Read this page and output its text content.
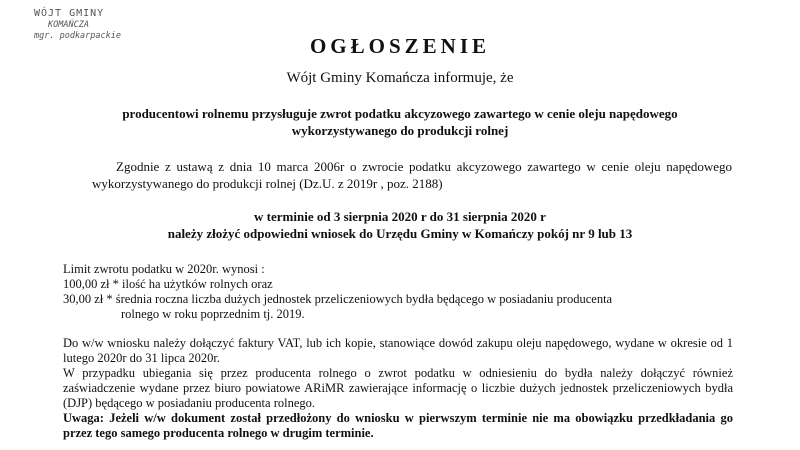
WÓJT GMINY
KOMAŃCZA
mgr. podkarpackie	OGŁOSZENIE
Wójt Gminy Komańcza informuje, że
producentowi rolnemu przysługuje zwrot podatku akcyzowego zawartego w cenie oleju napędowego
wykorzystywanego do produkcji rolnej
Zgodnie z ustawą z dnia 10 marca 2006r o zwrocie podatku akcyzowego zawartego w cenie oleju napędowego wykorzystywanego do produkcji rolnej (Dz.U. z 2019r , poz. 2188)
w terminie od 3 sierpnia 2020 r do 31 sierpnia 2020 r
należy złożyć odpowiedni wniosek do Urzędu Gminy w Komańczy pokój nr 9 lub 13
Limit zwrotu podatku w 2020r. wynosi :
100,00 zł * ilość ha użytków rolnych oraz
30,00 zł * średnia roczna liczba dużych jednostek przeliczeniowych bydła będącego w posiadaniu producenta
rolnego w roku poprzednim tj. 2019.

Do w/w wniosku należy dołączyć faktury VAT, lub ich kopie, stanowiące dowód zakupu oleju napędowego, wydane w okresie od 1 lutego 2020r do 31 lipca 2020r.

W przypadku ubiegania się przez producenta rolnego o zwrot podatku w odniesieniu do bydła należy dołączyć również zaświadczenie wydane przez biuro powiatowe ARiMR zawierające informację o liczbie dużych jednostek przeliczeniowych bydła (DJP) będącego w posiadaniu producenta rolnego.

Uwaga: Jeżeli w/w dokument został przedłożony do wniosku w pierwszym terminie nie ma obowiązku przedkładania go przez tego samego producenta rolnego w drugim terminie.
